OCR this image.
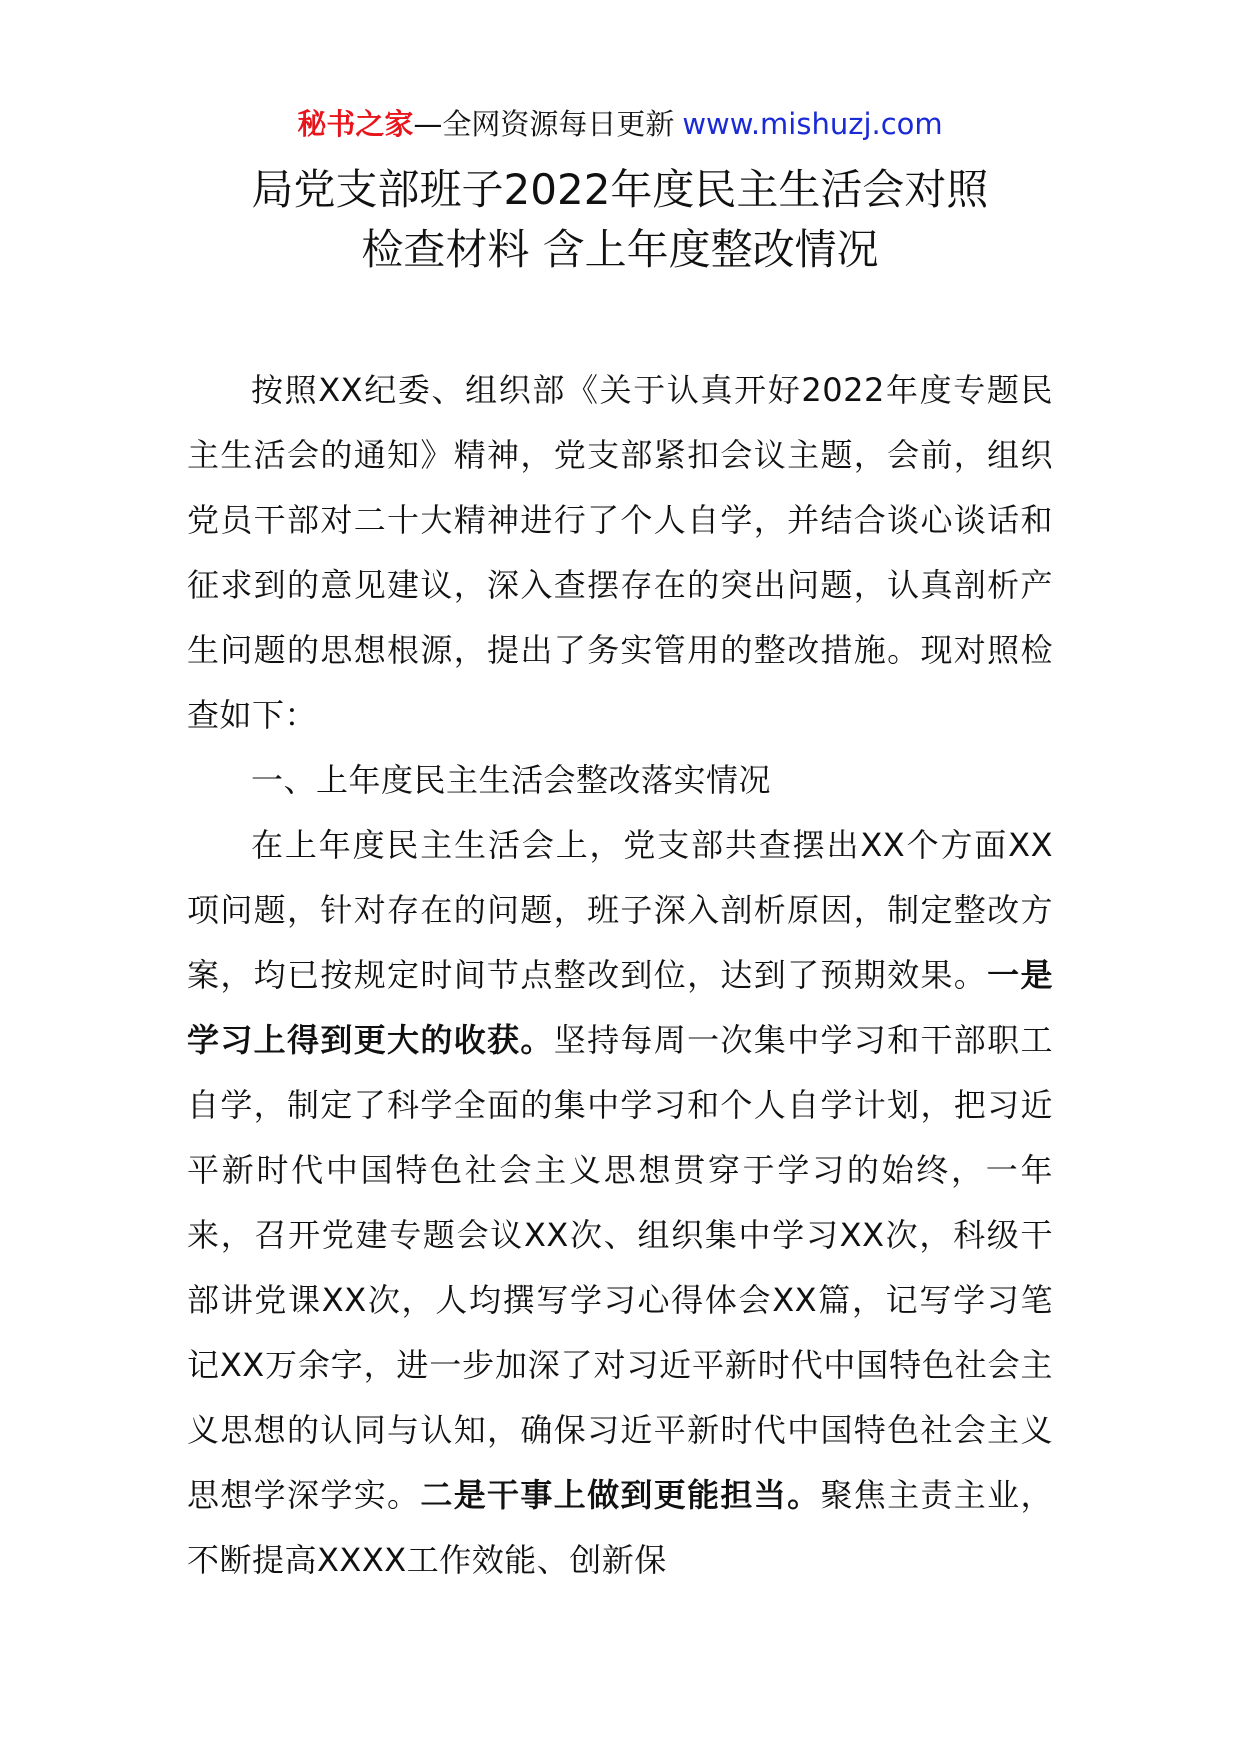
秘书之家—全网资源每日更新 www.mishuzj.com
局党支部班子2022年度民主生活会对照
检查材料 含上年度整改情况

按照XX纪委、组织部《关于认真开好2022年度专题民主生活会的通知》精神，党支部紧扣会议主题，会前，组织党员干部对二十大精神进行了个人自学，并结合谈心谈话和征求到的意见建议，深入查摆存在的突出问题，认真剖析产生问题的思想根源，提出了务实管用的整改措施。现对照检查如下：

一、上年度民主生活会整改落实情况

在上年度民主生活会上，党支部共查摆出XX个方面XX项问题，针对存在的问题，班子深入剖析原因，制定整改方案，均已按规定时间节点整改到位，达到了预期效果。一是学习上得到更大的收获。坚持每周一次集中学习和干部职工自学，制定了科学全面的集中学习和个人自学计划，把习近平新时代中国特色社会主义思想贯穿于学习的始终，一年来，召开党建专题会议XX次、组织集中学习XX次，科级干部讲党课XX次，人均撰写学习心得体会XX篇，记写学习笔记XX万余字，进一步加深了对习近平新时代中国特色社会主义思想的认同与认知，确保习近平新时代中国特色社会主义思想学深学实。二是干事上做到更能担当。聚焦主责主业，不断提高XXXX工作效能、创新保
